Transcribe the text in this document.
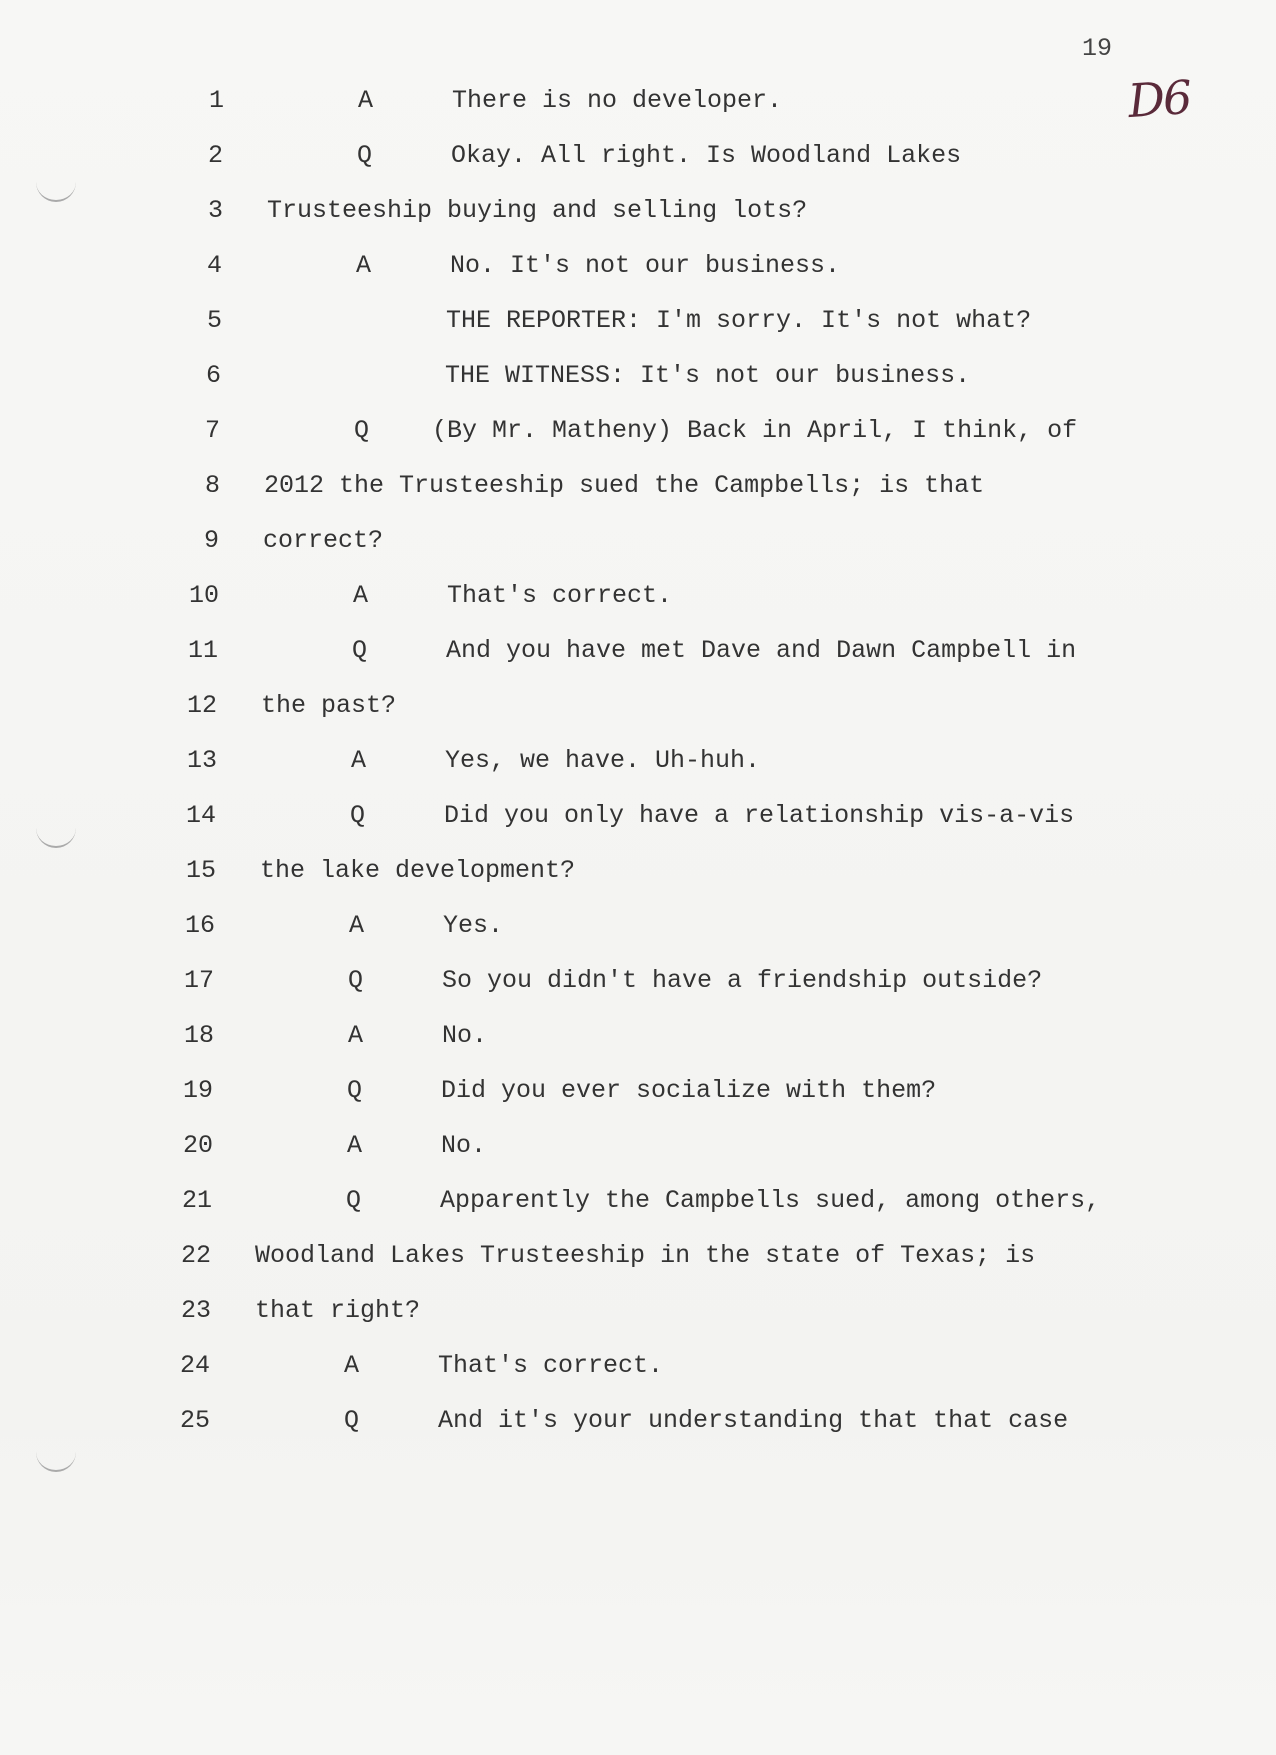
19
D6
1	A	There is no developer.
2	Q	Okay. All right. Is Woodland Lakes
3 Trusteeship buying and selling lots?
4	A	No. It's not our business.
5	THE REPORTER: I'm sorry. It's not what?
6	THE WITNESS: It's not our business.
7	Q	(By Mr. Matheny) Back in April, I think, of
8 2012 the Trusteeship sued the Campbells; is that
9 correct?
10	A	That's correct.
11	Q	And you have met Dave and Dawn Campbell in
12 the past?
13	A	Yes, we have. Uh-huh.
14	Q	Did you only have a relationship vis-a-vis
15 the lake development?
16	A	Yes.
17	Q	So you didn't have a friendship outside?
18	A	No.
19	Q	Did you ever socialize with them?
20	A	No.
21	Q	Apparently the Campbells sued, among others,
22 Woodland Lakes Trusteeship in the state of Texas; is
23 that right?
24	A	That's correct.
25	Q	And it's your understanding that that case
